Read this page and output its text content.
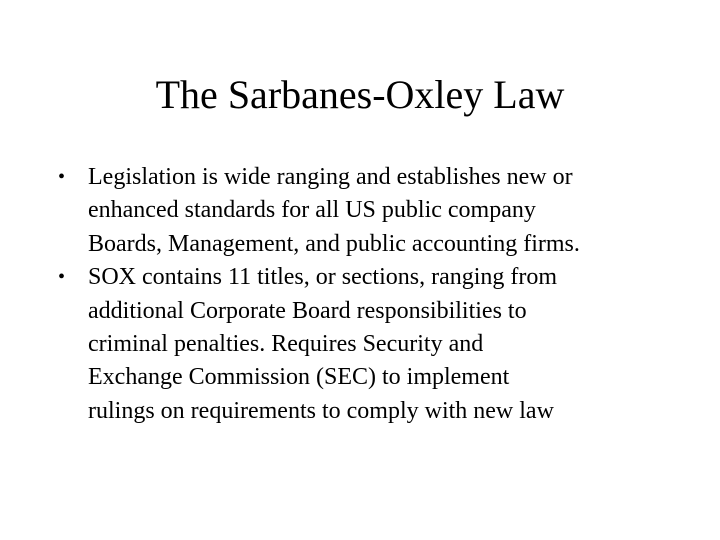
The Sarbanes-Oxley Law
• Legislation is wide ranging and establishes new or
enhanced standards for all US public company
Boards, Management, and public accounting firms.
• SOX contains 11 titles, or sections, ranging from
additional Corporate Board responsibilities to
criminal penalties. Requires Security and
Exchange Commission (SEC) to implement
rulings on requirements to comply with new law
